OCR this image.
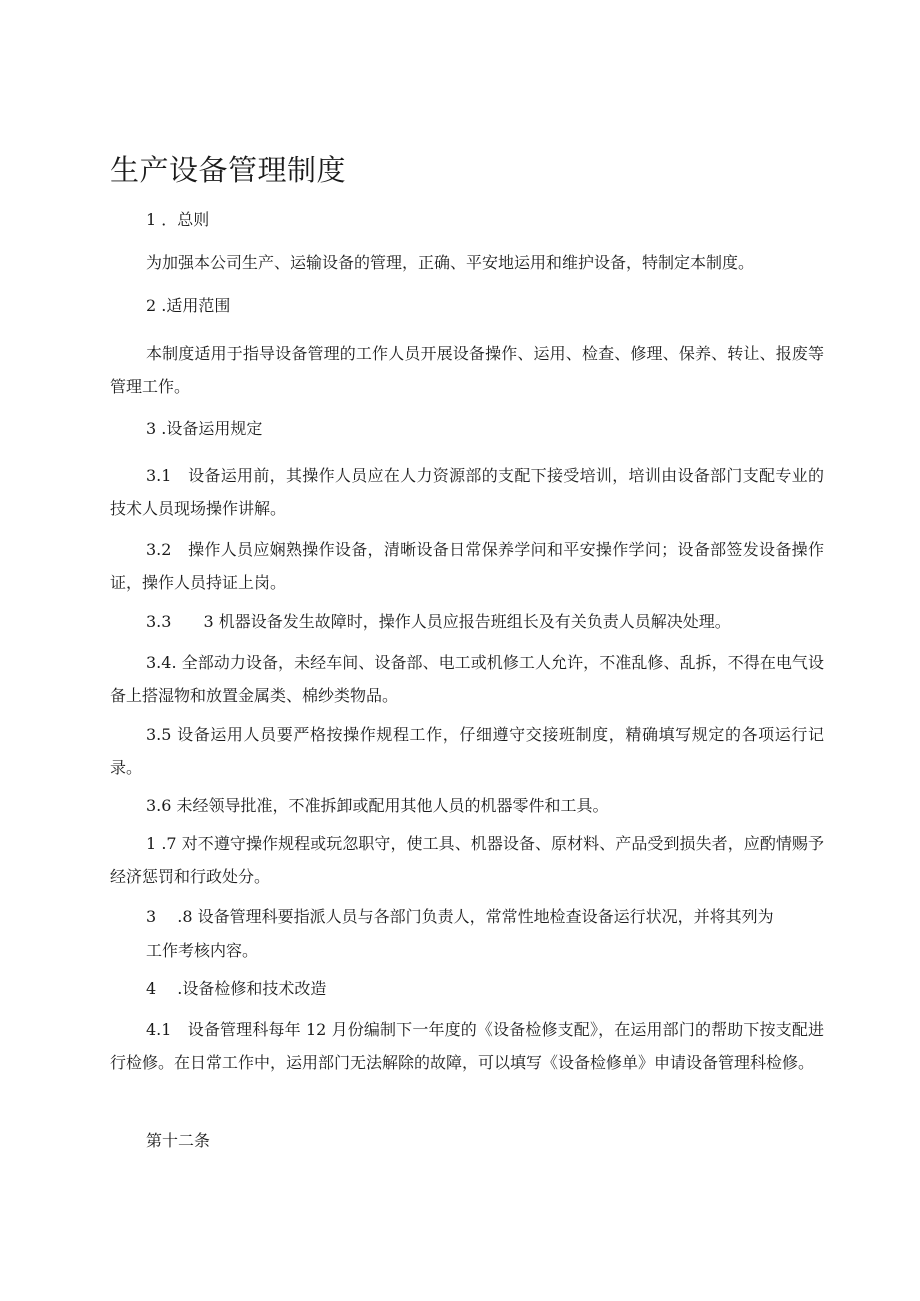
生产设备管理制度
1 ．总则
为加强本公司生产、运输设备的管理，正确、平安地运用和维护设备，特制定本制度。
2 .适用范围
本制度适用于指导设备管理的工作人员开展设备操作、运用、检查、修理、保养、转让、报废等管理工作。
3 .设备运用规定
3.1　设备运用前，其操作人员应在人力资源部的支配下接受培训，培训由设备部门支配专业的技术人员现场操作讲解。
3.2　操作人员应娴熟操作设备，清晰设备日常保养学问和平安操作学问；设备部签发设备操作证，操作人员持证上岗。
3.3　　3 机器设备发生故障时，操作人员应报告班组长及有关负责人员解决处理。
3.4. 全部动力设备，未经车间、设备部、电工或机修工人允许，不准乱修、乱拆，不得在电气设备上搭湿物和放置金属类、棉纱类物品。
3.5 设备运用人员要严格按操作规程工作，仔细遵守交接班制度，精确填写规定的各项运行记录。
3.6 未经领导批准，不准拆卸或配用其他人员的机器零件和工具。
1 .7 对不遵守操作规程或玩忽职守，使工具、机器设备、原材料、产品受到损失者，应酌情赐予经济惩罚和行政处分。
3　 .8 设备管理科要指派人员与各部门负责人，常常性地检查设备运行状况，并将其列为
工作考核内容。
4　 .设备检修和技术改造
4.1　设备管理科每年 12 月份编制下一年度的《设备检修支配》，在运用部门的帮助下按支配进行检修。在日常工作中，运用部门无法解除的故障，可以填写《设备检修单》申请设备管理科检修。
第十二条
